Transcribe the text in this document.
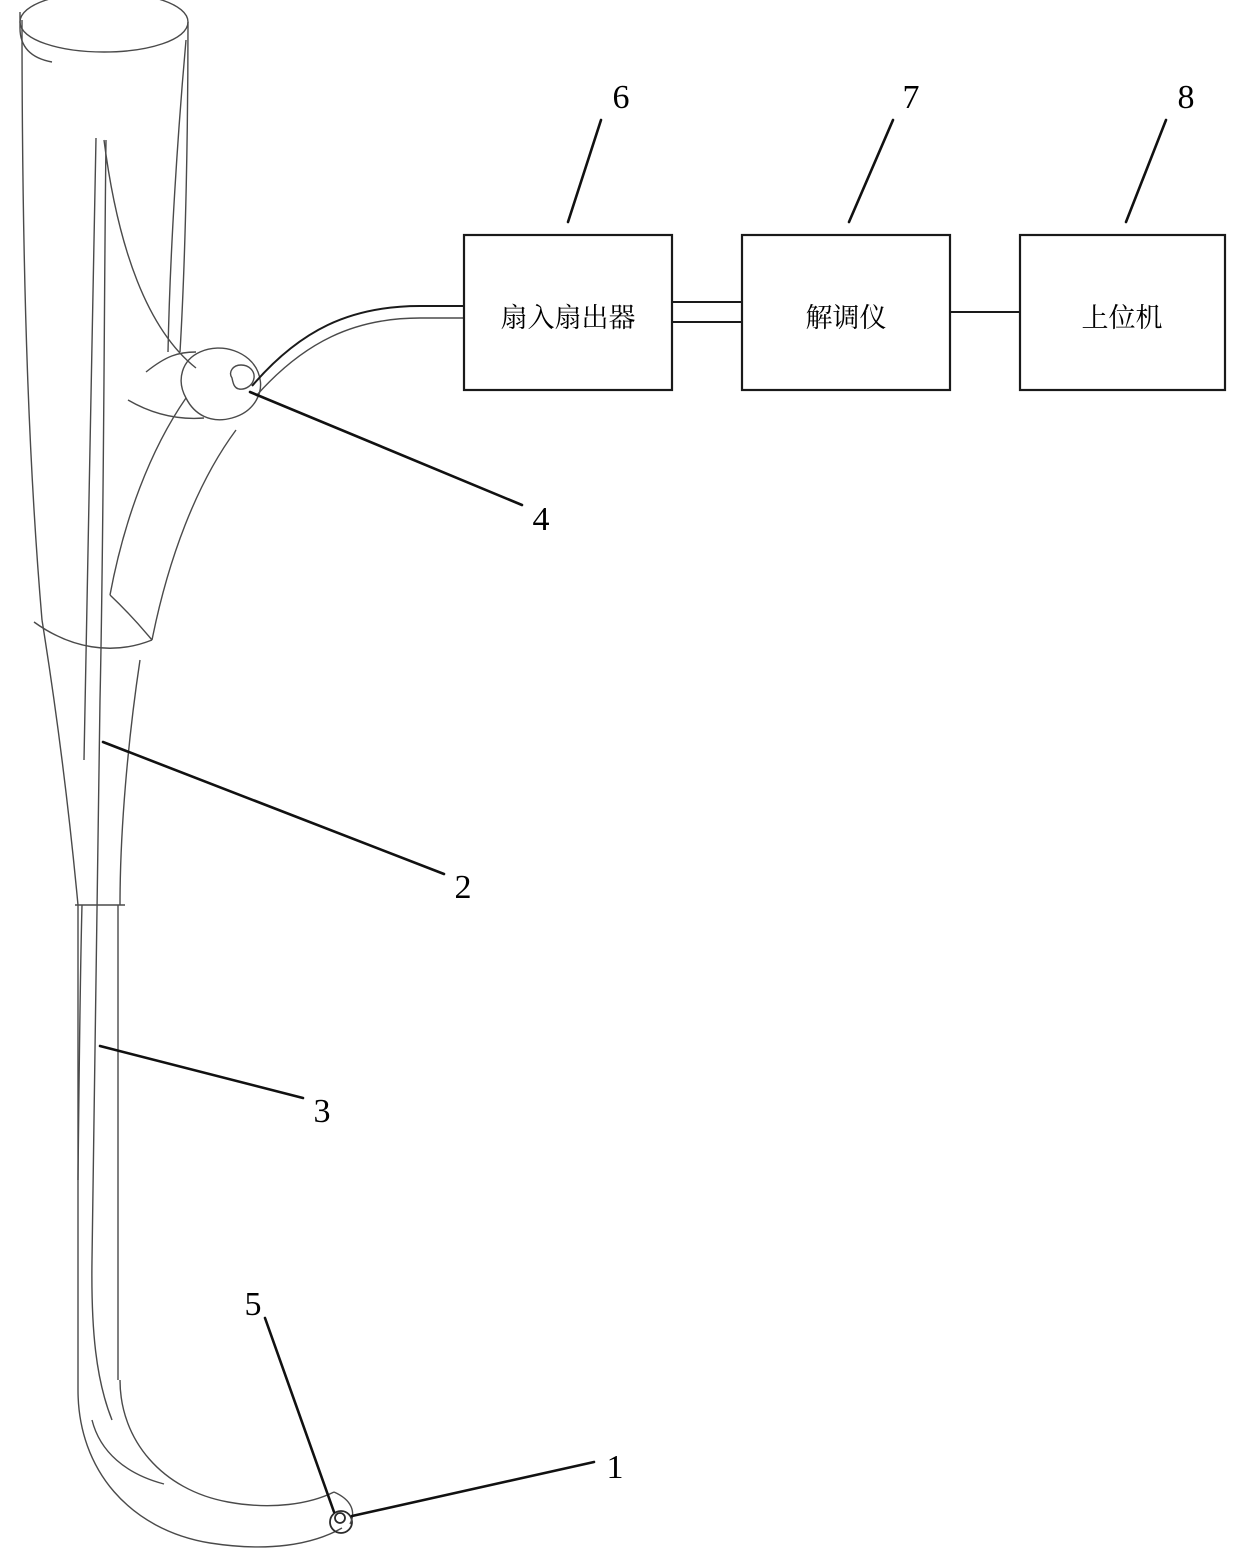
扇入扇出器	解调仪	上位机
1
2
3
4
5
6	7	8
